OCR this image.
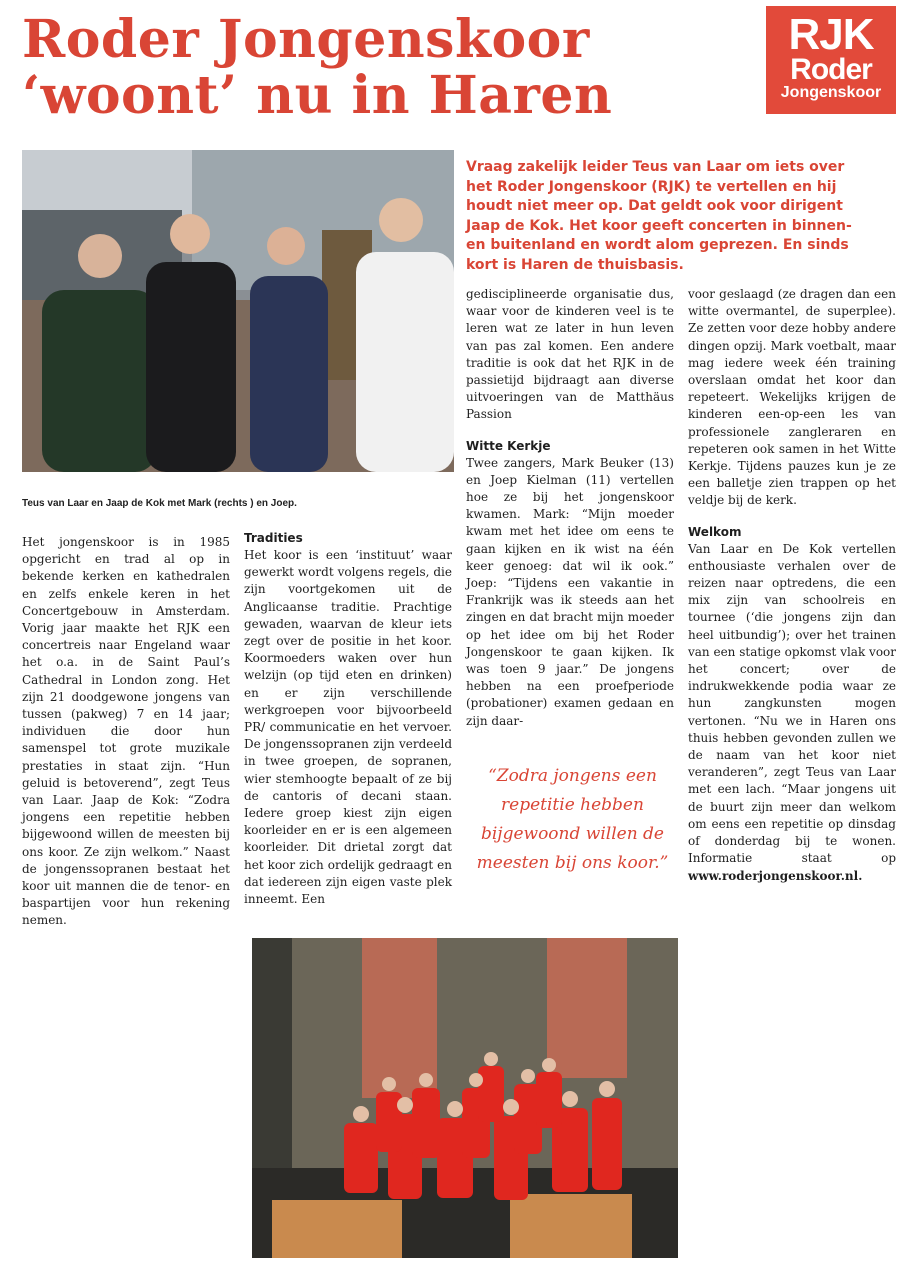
Roder Jongenskoor
‘woont’ nu in Haren
RJK
Roder
Jongenskoor

Vraag zakelijk leider Teus van Laar om iets over het Roder Jongenskoor (RJK) te vertellen en hij houdt niet meer op. Dat geldt ook voor dirigent Jaap de Kok. Het koor geeft concerten in binnen- en buitenland en wordt alom geprezen. En sinds kort is Haren de thuisbasis.

Teus van Laar en Jaap de Kok met Mark (rechts ) en Joep.

Het jongenskoor is in 1985 opgericht en trad al op in bekende kerken en kathedralen en zelfs enkele keren in het Concertgebouw in Amsterdam. Vorig jaar maakte het RJK een concertreis naar Engeland waar het o.a. in de Saint Paul’s Cathedral in London zong. Het zijn 21 doodgewone jongens van tussen (pakweg) 7 en 14 jaar; individuen die door hun samenspel tot grote muzikale prestaties in staat zijn. “Hun geluid is betoverend”, zegt Teus van Laar. Jaap de Kok: “Zodra jongens een repetitie hebben bijgewoond willen de meesten bij ons koor. Ze zijn welkom.” Naast de jongenssopranen bestaat het koor uit mannen die de tenor- en baspartijen voor hun rekening nemen.

Tradities

Het koor is een ‘instituut’ waar gewerkt wordt volgens regels, die zijn voortgekomen uit de Anglicaanse traditie. Prachtige gewaden, waarvan de kleur iets zegt over de positie in het koor. Koormoeders waken over hun welzijn (op tijd eten en drinken) en er zijn verschillende werkgroepen voor bijvoorbeeld PR/ communicatie en het vervoer. De jongenssopranen zijn verdeeld in twee groepen, de sopranen, wier stemhoogte bepaalt of ze bij de cantoris of decani staan. Iedere groep kiest zijn eigen koorleider en er is een algemeen koorleider. Dit drietal zorgt dat het koor zich ordelijk gedraagt en dat iedereen zijn eigen vaste plek inneemt. Een

gedisciplineerde organisatie dus, waar voor de kinderen veel is te leren wat ze later in hun leven van pas zal komen. Een andere traditie is ook dat het RJK in de passietijd bijdraagt aan diverse uitvoeringen van de Matthäus Passion

Witte Kerkje

Twee zangers, Mark Beuker (13) en Joep Kielman (11) vertellen hoe ze bij het jongenskoor kwamen. Mark: “Mijn moeder kwam met het idee om eens te gaan kijken en ik wist na één keer genoeg: dat wil ik ook.” Joep: “Tijdens een vakantie in Frankrijk was ik steeds aan het zingen en dat bracht mijn moeder op het idee om bij het Roder Jongenskoor te gaan kijken. Ik was toen 9 jaar.” De jongens hebben na een proefperiode (probationer) examen gedaan en zijn daar-

“Zodra jongens een repetitie hebben bijgewoond willen de meesten bij ons koor.”

voor geslaagd (ze dragen dan een witte overmantel, de superplee). Ze zetten voor deze hobby andere dingen opzij. Mark voetbalt, maar mag iedere week één training overslaan omdat het koor dan repeteert. Wekelijks krijgen de kinderen een-op-een les van professionele zangleraren en repeteren ook samen in het Witte Kerkje. Tijdens pauzes kun je ze een balletje zien trappen op het veldje bij de kerk.

Welkom

Van Laar en De Kok vertellen enthousiaste verhalen over de reizen naar optredens, die een mix zijn van schoolreis en tournee (‘die jongens zijn dan heel uitbundig’); over het trainen van een statige opkomst vlak voor het concert; over de indrukwekkende podia waar ze hun zangkunsten mogen vertonen. “Nu we in Haren ons thuis hebben gevonden zullen we de naam van het koor niet veranderen”, zegt Teus van Laar met een lach. “Maar jongens uit de buurt zijn meer dan welkom om eens een repetitie op dinsdag of donderdag bij te wonen. Informatie staat op www.roderjongenskoor.nl.
